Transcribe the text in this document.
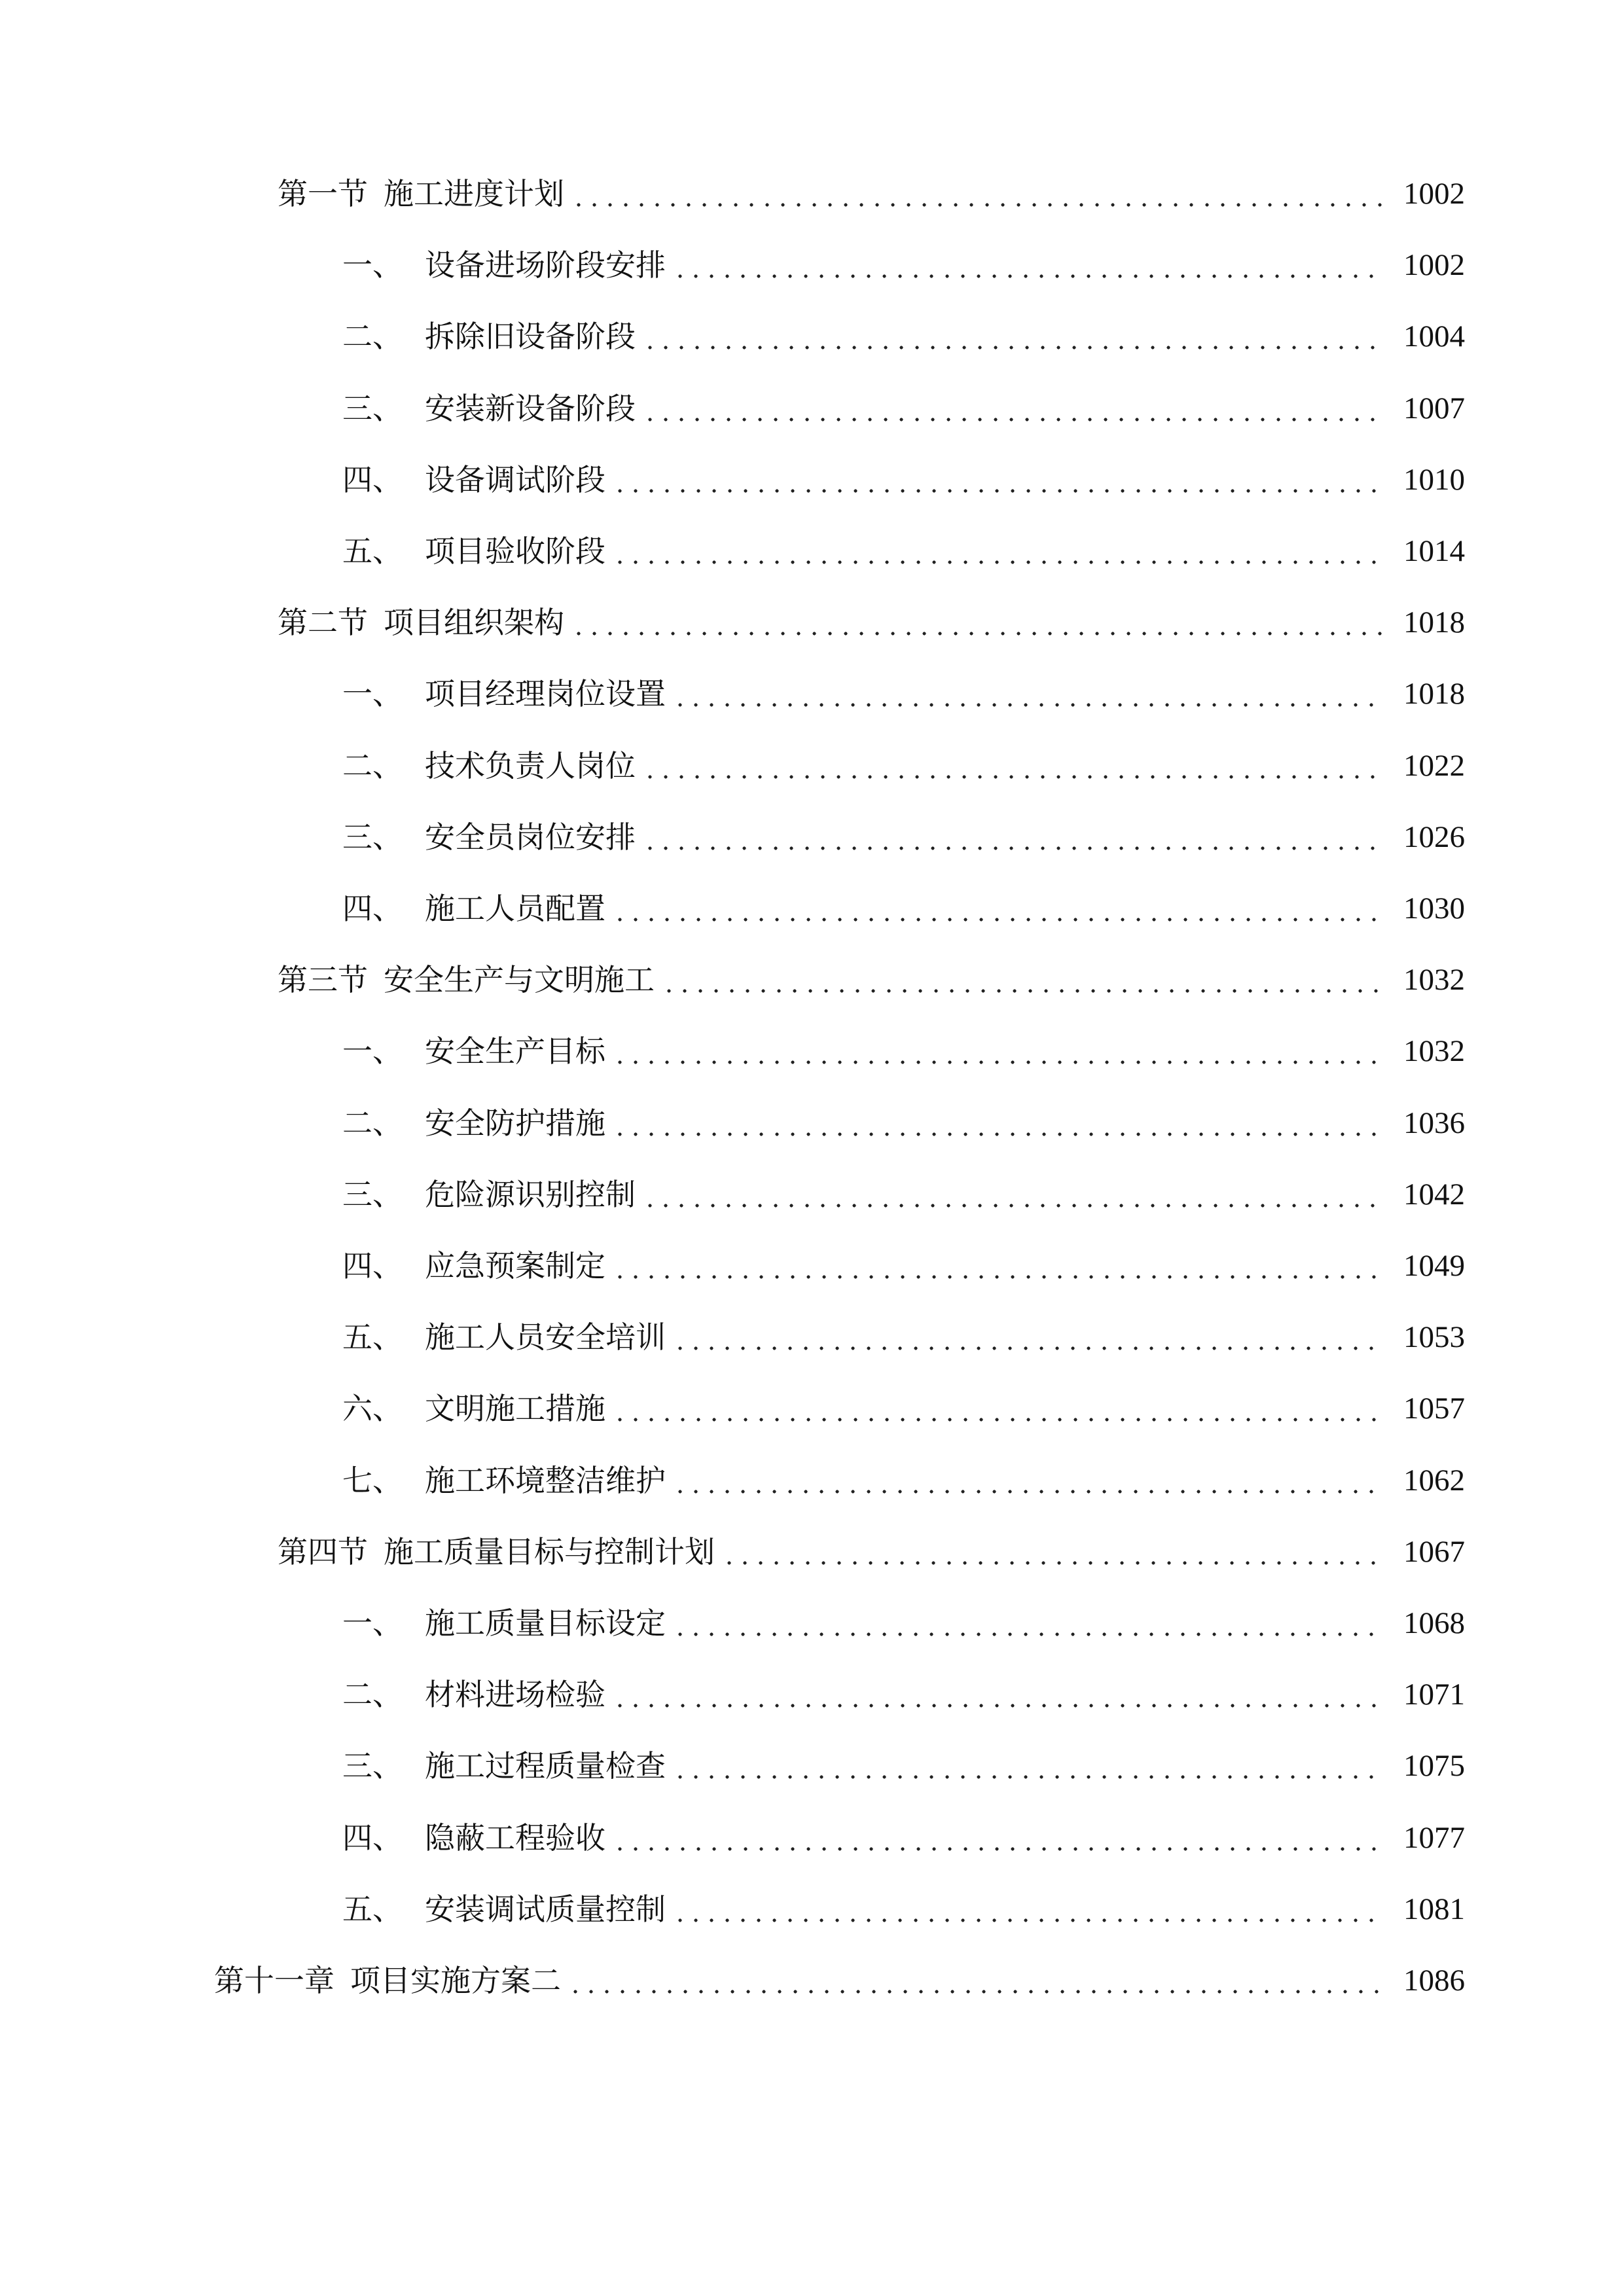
第一节 施工进度计划	1002
一、 设备进场阶段安排	1002
二、 拆除旧设备阶段	1004
三、 安装新设备阶段	1007
四、 设备调试阶段	1010
五、 项目验收阶段	1014
第二节 项目组织架构	1018
一、 项目经理岗位设置	1018
二、 技术负责人岗位	1022
三、 安全员岗位安排	1026
四、 施工人员配置	1030
第三节 安全生产与文明施工	1032
一、 安全生产目标	1032
二、 安全防护措施	1036
三、 危险源识别控制	1042
四、 应急预案制定	1049
五、 施工人员安全培训	1053
六、 文明施工措施	1057
七、 施工环境整洁维护	1062
第四节 施工质量目标与控制计划	1067
一、 施工质量目标设定	1068
二、 材料进场检验	1071
三、 施工过程质量检查	1075
四、 隐蔽工程验收	1077
五、 安装调试质量控制	1081
第十一章 项目实施方案二	1086
